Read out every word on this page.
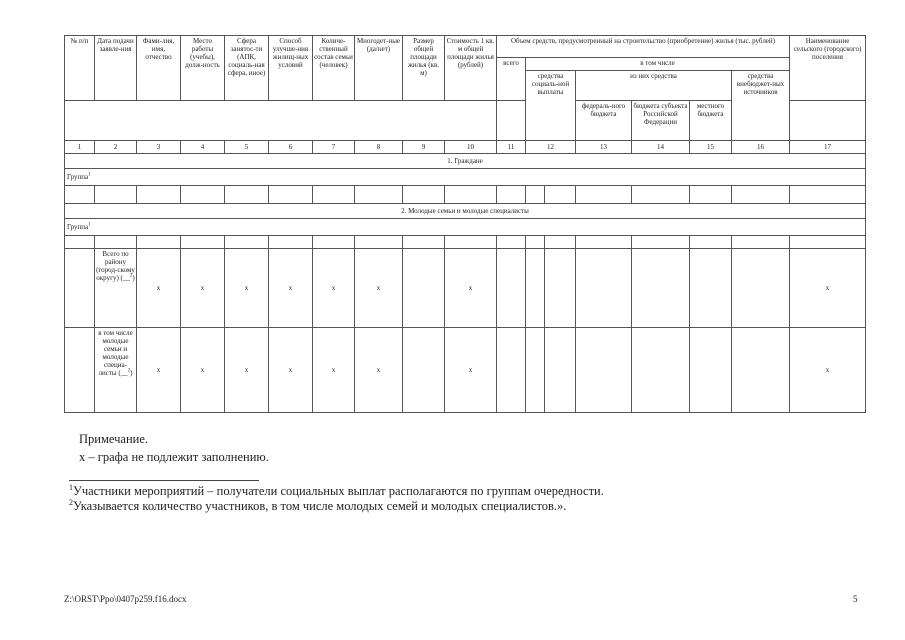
№ п/п	Дата подачи заявле-ния	Фами-лия, имя, отчество	Место работы (учебы), долж-ность	Сфера занятос-ти (АПК, социаль-ная сфера, иное)	Способ улучше-ния жилищ-ных условий	Количе-ственный состав семьи (человек)	Многодет-ные (да/нет)	Размер общей площади жилья (кв. м)	Стоимость 1 кв. м общей площади жилья (рублей)	Объем средств, предусмотренный на строительство (приобретение) жилья (тыс. рублей)							Наименование сельского (городского) поселения
										всего	в том числе						
											средства социаль-ной выплаты		из них средства			средства внебюджет-ных источников	
													федераль-ного бюджета	бюджета субъекта Российской Федерации	местного бюджета		
1	2	3	4	5	6	7	8	9	10	11	12		13	14	15	16	17
1. Граждане																	
Группа$^1$

2. Молодые семьи и молодые специалисты																	
Группа$^1$

	Всего по району (город-скому округу) (__$^2$)	х	х	х	х	х	х		х								х
	в том числе молодые семьи и молодые специа-листы (__$^2$)	х	х	х	х	х	х		х								х
Примечание.
х – графа не подлежит заполнению.
$^1$Участники мероприятий – получатели социальных выплат располагаются по группам очередности.
$^2$Указывается количество участников, в том числе молодых семей и молодых специалистов.».
Z:\ORST\Ppo\0407p259.f16.docx	5
